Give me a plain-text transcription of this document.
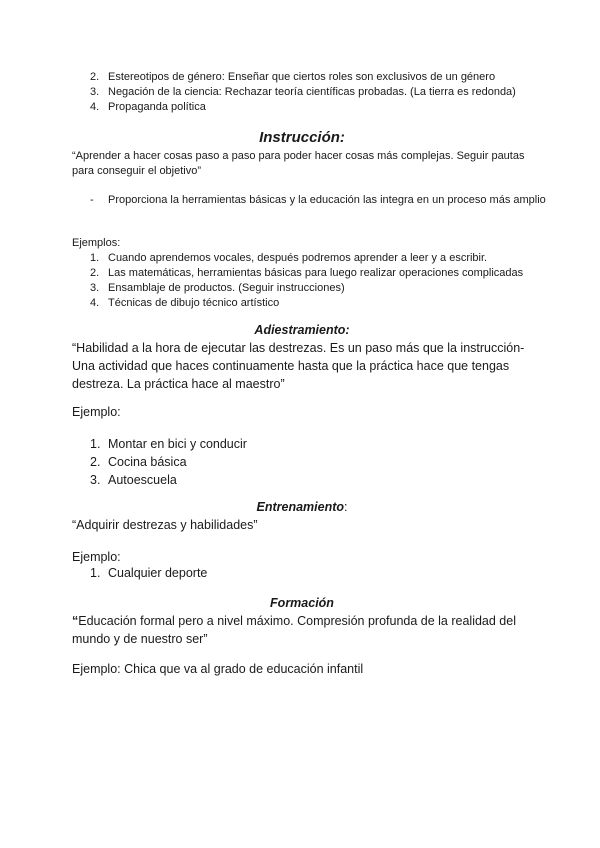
2. Estereotipos de género: Enseñar que ciertos roles son exclusivos de un género
3. Negación de la ciencia: Rechazar teoría científicas probadas. (La tierra es redonda)
4. Propaganda política
Instrucción:

“Aprender a hacer cosas paso a paso para poder hacer cosas más complejas. Seguir pautas para conseguir el objetivo”

- Proporciona la herramientas básicas y la educación las integra en un proceso más amplio

Ejemplos:

1. Cuando aprendemos vocales, después podremos aprender a leer y a escribir.
2. Las matemáticas, herramientas básicas para luego realizar operaciones complicadas
3. Ensamblaje de productos. (Seguir instrucciones)
4. Técnicas de dibujo técnico artístico
Adiestramiento:

“Habilidad a la hora de ejecutar las destrezas. Es un paso más que la instrucción- Una actividad que haces continuamente hasta que la práctica hace que tengas destreza. La práctica hace al maestro”

Ejemplo:

1. Montar en bici y conducir
2. Cocina básica
3. Autoescuela
Entrenamiento:

“Adquirir destrezas y habilidades”

Ejemplo:

1. Cualquier deporte
Formación

“Educación formal pero a nivel máximo. Compresión profunda de la realidad del mundo y de nuestro ser”

Ejemplo: Chica que va al grado de educación infantil
